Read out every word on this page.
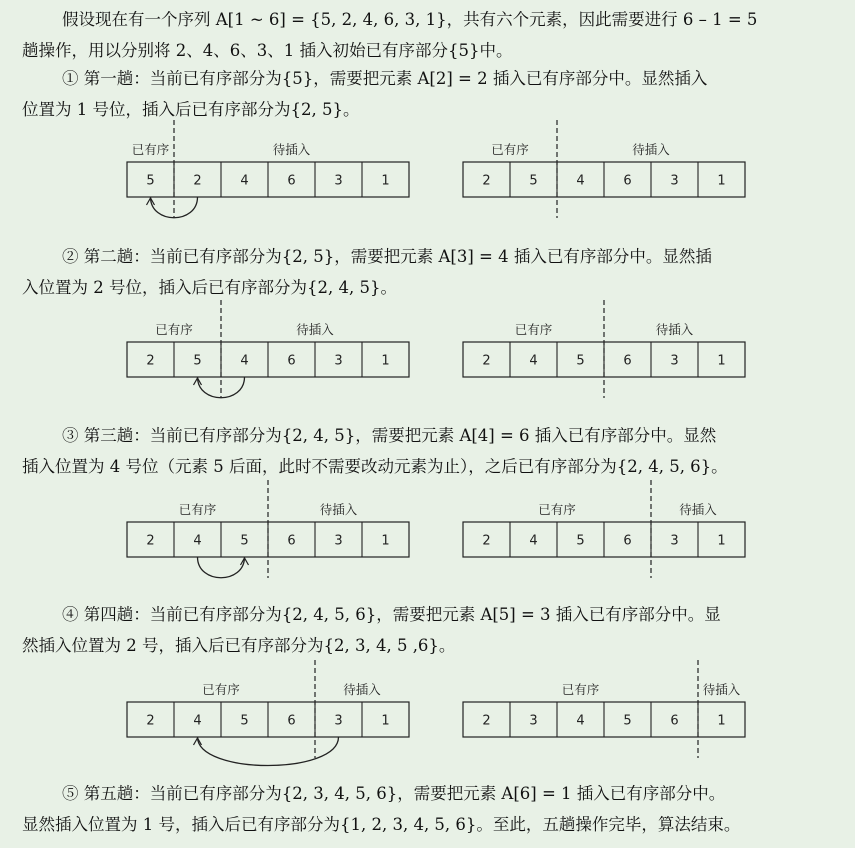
假设现在有一个序列 A[1 ~ 6] = {5, 2, 4, 6, 3, 1}，共有六个元素，因此需要进行 6 – 1 = 5
趟操作，用以分别将 2、4、6、3、1 插入初始已有序部分{5}中。
① 第一趟：当前已有序部分为{5}，需要把元素 A[2] = 2 插入已有序部分中。显然插入
位置为 1 号位，插入后已有序部分为{2, 5}。
② 第二趟：当前已有序部分为{2, 5}，需要把元素 A[3] = 4 插入已有序部分中。显然插
入位置为 2 号位，插入后已有序部分为{2, 4, 5}。
③ 第三趟：当前已有序部分为{2, 4, 5}，需要把元素 A[4] = 6 插入已有序部分中。显然
插入位置为 4 号位（元素 5 后面，此时不需要改动元素为止），之后已有序部分为{2, 4, 5, 6}。
④ 第四趟：当前已有序部分为{2, 4, 5, 6}，需要把元素 A[5] = 3 插入已有序部分中。显
然插入位置为 2 号，插入后已有序部分为{2, 3, 4, 5 ,6}。
⑤ 第五趟：当前已有序部分为{2, 3, 4, 5, 6}，需要把元素 A[6] = 1 插入已有序部分中。
显然插入位置为 1 号，插入后已有序部分为{1, 2, 3, 4, 5, 6}。至此，五趟操作完毕，算法结束。
5	2	4	6	3	1
已有序	待插入
2	5	4	6	3	1
已有序	待插入
2	5	4	6	3	1
已有序	待插入
2	4	5	6	3	1
已有序	待插入
2	4	5	6	3	1
已有序	待插入
2	4	5	6	3	1
已有序	待插入
2	4	5	6	3	1
已有序	待插入
2	3	4	5	6	1
已有序	待插入
